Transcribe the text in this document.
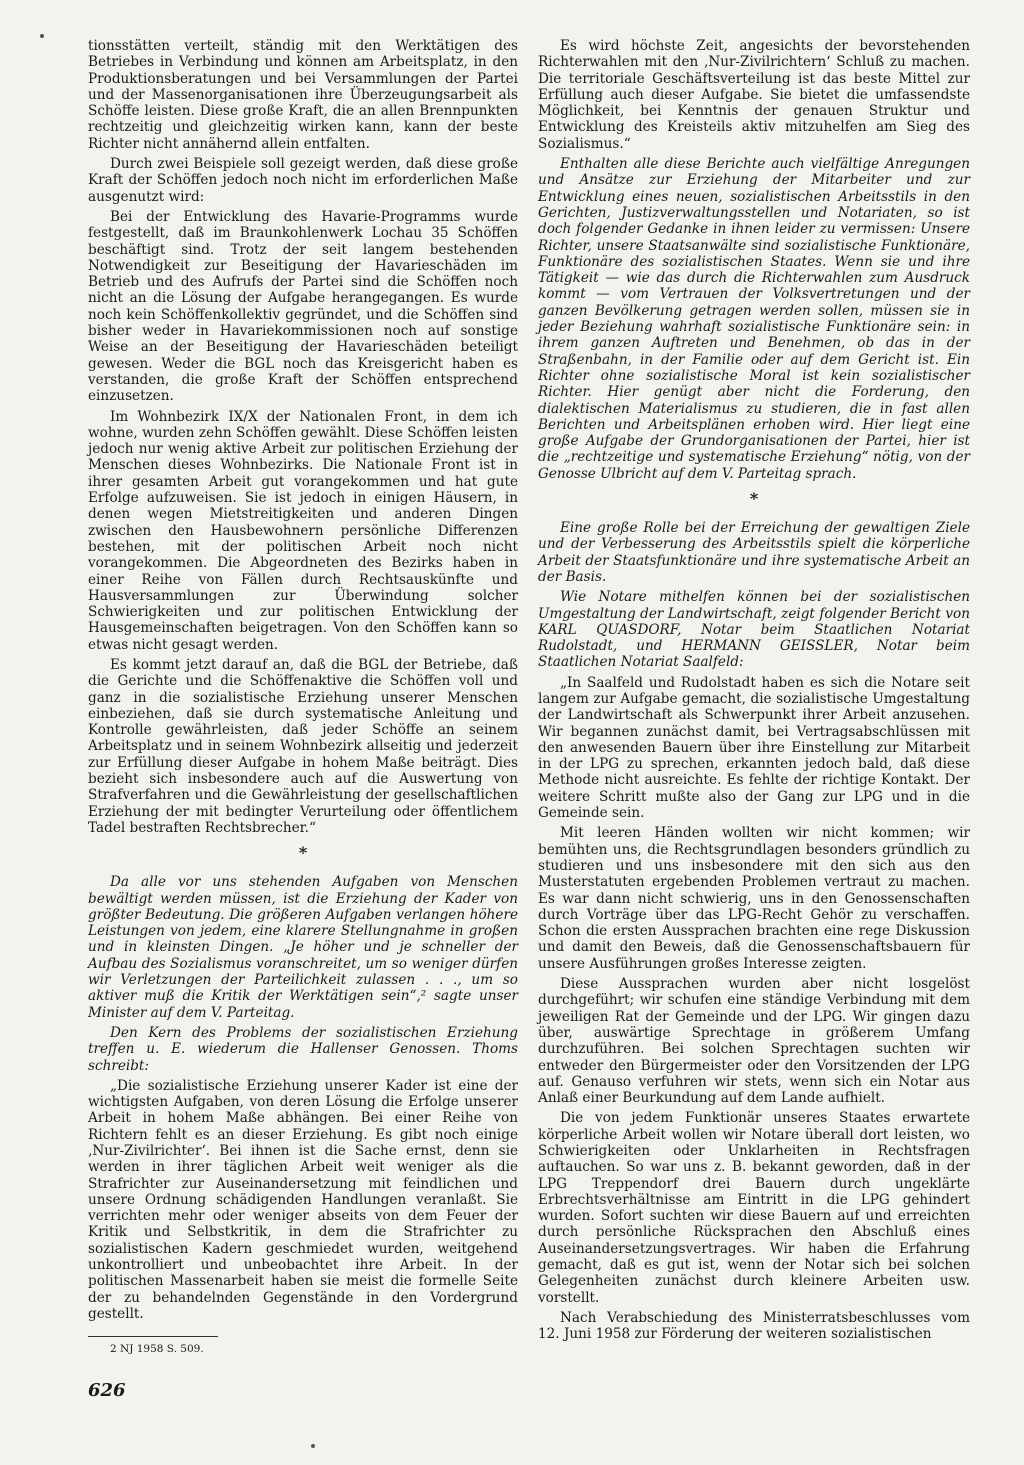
tionsstätten verteilt, ständig mit den Werktätigen des Betriebes in Verbindung und können am Arbeitsplatz, in den Produktionsberatungen und bei Versammlungen der Partei und der Massenorganisationen ihre Überzeugungsarbeit als Schöffe leisten. Diese große Kraft, die an allen Brennpunkten rechtzeitig und gleichzeitig wirken kann, kann der beste Richter nicht annähernd allein entfalten.

Durch zwei Beispiele soll gezeigt werden, daß diese große Kraft der Schöffen jedoch noch nicht im erforderlichen Maße ausgenutzt wird:

Bei der Entwicklung des Havarie-Programms wurde festgestellt, daß im Braunkohlenwerk Lochau 35 Schöffen beschäftigt sind. Trotz der seit langem bestehenden Notwendigkeit zur Beseitigung der Havarieschäden im Betrieb und des Aufrufs der Partei sind die Schöffen noch nicht an die Lösung der Aufgabe herangegangen. Es wurde noch kein Schöffenkollektiv gegründet, und die Schöffen sind bisher weder in Havariekommissionen noch auf sonstige Weise an der Beseitigung der Havarieschäden beteiligt gewesen. Weder die BGL noch das Kreisgericht haben es verstanden, die große Kraft der Schöffen entsprechend einzusetzen.

Im Wohnbezirk IX/X der Nationalen Front, in dem ich wohne, wurden zehn Schöffen gewählt. Diese Schöffen leisten jedoch nur wenig aktive Arbeit zur politischen Erziehung der Menschen dieses Wohnbezirks. Die Nationale Front ist in ihrer gesamten Arbeit gut vorangekommen und hat gute Erfolge aufzuweisen. Sie ist jedoch in einigen Häusern, in denen wegen Mietstreitigkeiten und anderen Dingen zwischen den Hausbewohnern persönliche Differenzen bestehen, mit der politischen Arbeit noch nicht vorangekommen. Die Abgeordneten des Bezirks haben in einer Reihe von Fällen durch Rechtsauskünfte und Hausversammlungen zur Überwindung solcher Schwierigkeiten und zur politischen Entwicklung der Hausgemeinschaften beigetragen. Von den Schöffen kann so etwas nicht gesagt werden.

Es kommt jetzt darauf an, daß die BGL der Betriebe, daß die Gerichte und die Schöffenaktive die Schöffen voll und ganz in die sozialistische Erziehung unserer Menschen einbeziehen, daß sie durch systematische Anleitung und Kontrolle gewährleisten, daß jeder Schöffe an seinem Arbeitsplatz und in seinem Wohnbezirk allseitig und jederzeit zur Erfüllung dieser Aufgabe in hohem Maße beiträgt. Dies bezieht sich insbesondere auch auf die Auswertung von Strafverfahren und die Gewährleistung der gesellschaftlichen Erziehung der mit bedingter Verurteilung oder öffentlichem Tadel bestraften Rechtsbrecher.“

*

Da alle vor uns stehenden Aufgaben von Menschen bewältigt werden müssen, ist die Erziehung der Kader von größter Bedeutung. Die größeren Aufgaben verlangen höhere Leistungen von jedem, eine klarere Stellungnahme in großen und in kleinsten Dingen. „Je höher und je schneller der Aufbau des Sozialismus voranschreitet, um so weniger dürfen wir Verletzungen der Parteilichkeit zulassen . . ., um so aktiver muß die Kritik der Werktätigen sein“,² sagte unser Minister auf dem V. Parteitag.

Den Kern des Problems der sozialistischen Erziehung treffen u. E. wiederum die Hallenser Genossen. Thoms schreibt:

„Die sozialistische Erziehung unserer Kader ist eine der wichtigsten Aufgaben, von deren Lösung die Erfolge unserer Arbeit in hohem Maße abhängen. Bei einer Reihe von Richtern fehlt es an dieser Erziehung. Es gibt noch einige ‚Nur-Zivilrichter‘. Bei ihnen ist die Sache ernst, denn sie werden in ihrer täglichen Arbeit weit weniger als die Strafrichter zur Auseinandersetzung mit feindlichen und unsere Ordnung schädigenden Handlungen veranlaßt. Sie verrichten mehr oder weniger abseits von dem Feuer der Kritik und Selbstkritik, in dem die Strafrichter zu sozialistischen Kadern geschmiedet wurden, weitgehend unkontrolliert und unbeobachtet ihre Arbeit. In der politischen Massenarbeit haben sie meist die formelle Seite der zu behandelnden Gegenstände in den Vordergrund gestellt.

2 NJ 1958 S. 509.

Es wird höchste Zeit, angesichts der bevorstehenden Richterwahlen mit den ‚Nur-Zivilrichtern‘ Schluß zu machen. Die territoriale Geschäftsverteilung ist das beste Mittel zur Erfüllung auch dieser Aufgabe. Sie bietet die umfassendste Möglichkeit, bei Kenntnis der genauen Struktur und Entwicklung des Kreisteils aktiv mitzuhelfen am Sieg des Sozialismus.“

Enthalten alle diese Berichte auch vielfältige Anregungen und Ansätze zur Erziehung der Mitarbeiter und zur Entwicklung eines neuen, sozialistischen Arbeitsstils in den Gerichten, Justizverwaltungsstellen und Notariaten, so ist doch folgender Gedanke in ihnen leider zu vermissen: Unsere Richter, unsere Staatsanwälte sind sozialistische Funktionäre, Funktionäre des sozialistischen Staates. Wenn sie und ihre Tätigkeit — wie das durch die Richterwahlen zum Ausdruck kommt — vom Vertrauen der Volksvertretungen und der ganzen Bevölkerung getragen werden sollen, müssen sie in jeder Beziehung wahrhaft sozialistische Funktionäre sein: in ihrem ganzen Auftreten und Benehmen, ob das in der Straßenbahn, in der Familie oder auf dem Gericht ist. Ein Richter ohne sozialistische Moral ist kein sozialistischer Richter. Hier genügt aber nicht die Forderung, den dialektischen Materialismus zu studieren, die in fast allen Berichten und Arbeitsplänen erhoben wird. Hier liegt eine große Aufgabe der Grundorganisationen der Partei, hier ist die „rechtzeitige und systematische Erziehung“ nötig, von der Genosse Ulbricht auf dem V. Parteitag sprach.

*

Eine große Rolle bei der Erreichung der gewaltigen Ziele und der Verbesserung des Arbeitsstils spielt die körperliche Arbeit der Staatsfunktionäre und ihre systematische Arbeit an der Basis.

Wie Notare mithelfen können bei der sozialistischen Umgestaltung der Landwirtschaft, zeigt folgender Bericht von KARL QUASDORF, Notar beim Staatlichen Notariat Rudolstadt, und HERMANN GEISSLER, Notar beim Staatlichen Notariat Saalfeld:

„In Saalfeld und Rudolstadt haben es sich die Notare seit langem zur Aufgabe gemacht, die sozialistische Umgestaltung der Landwirtschaft als Schwerpunkt ihrer Arbeit anzusehen. Wir begannen zunächst damit, bei Vertragsabschlüssen mit den anwesenden Bauern über ihre Einstellung zur Mitarbeit in der LPG zu sprechen, erkannten jedoch bald, daß diese Methode nicht ausreichte. Es fehlte der richtige Kontakt. Der weitere Schritt mußte also der Gang zur LPG und in die Gemeinde sein.

Mit leeren Händen wollten wir nicht kommen; wir bemühten uns, die Rechtsgrundlagen besonders gründlich zu studieren und uns insbesondere mit den sich aus den Musterstatuten ergebenden Problemen vertraut zu machen. Es war dann nicht schwierig, uns in den Genossenschaften durch Vorträge über das LPG-Recht Gehör zu verschaffen. Schon die ersten Aussprachen brachten eine rege Diskussion und damit den Beweis, daß die Genossenschaftsbauern für unsere Ausführungen großes Interesse zeigten.

Diese Aussprachen wurden aber nicht losgelöst durchgeführt; wir schufen eine ständige Verbindung mit dem jeweiligen Rat der Gemeinde und der LPG. Wir gingen dazu über, auswärtige Sprechtage in größerem Umfang durchzuführen. Bei solchen Sprechtagen suchten wir entweder den Bürgermeister oder den Vorsitzenden der LPG auf. Genauso verfuhren wir stets, wenn sich ein Notar aus Anlaß einer Beurkundung auf dem Lande aufhielt.

Die von jedem Funktionär unseres Staates erwartete körperliche Arbeit wollen wir Notare überall dort leisten, wo Schwierigkeiten oder Unklarheiten in Rechtsfragen auftauchen. So war uns z. B. bekannt geworden, daß in der LPG Treppendorf drei Bauern durch ungeklärte Erbrechtsverhältnisse am Eintritt in die LPG gehindert wurden. Sofort suchten wir diese Bauern auf und erreichten durch persönliche Rücksprachen den Abschluß eines Auseinandersetzungsvertrages. Wir haben die Erfahrung gemacht, daß es gut ist, wenn der Notar sich bei solchen Gelegenheiten zunächst durch kleinere Arbeiten usw. vorstellt.

Nach Verabschiedung des Ministerratsbeschlusses vom 12. Juni 1958 zur Förderung der weiteren sozialistischen

626
